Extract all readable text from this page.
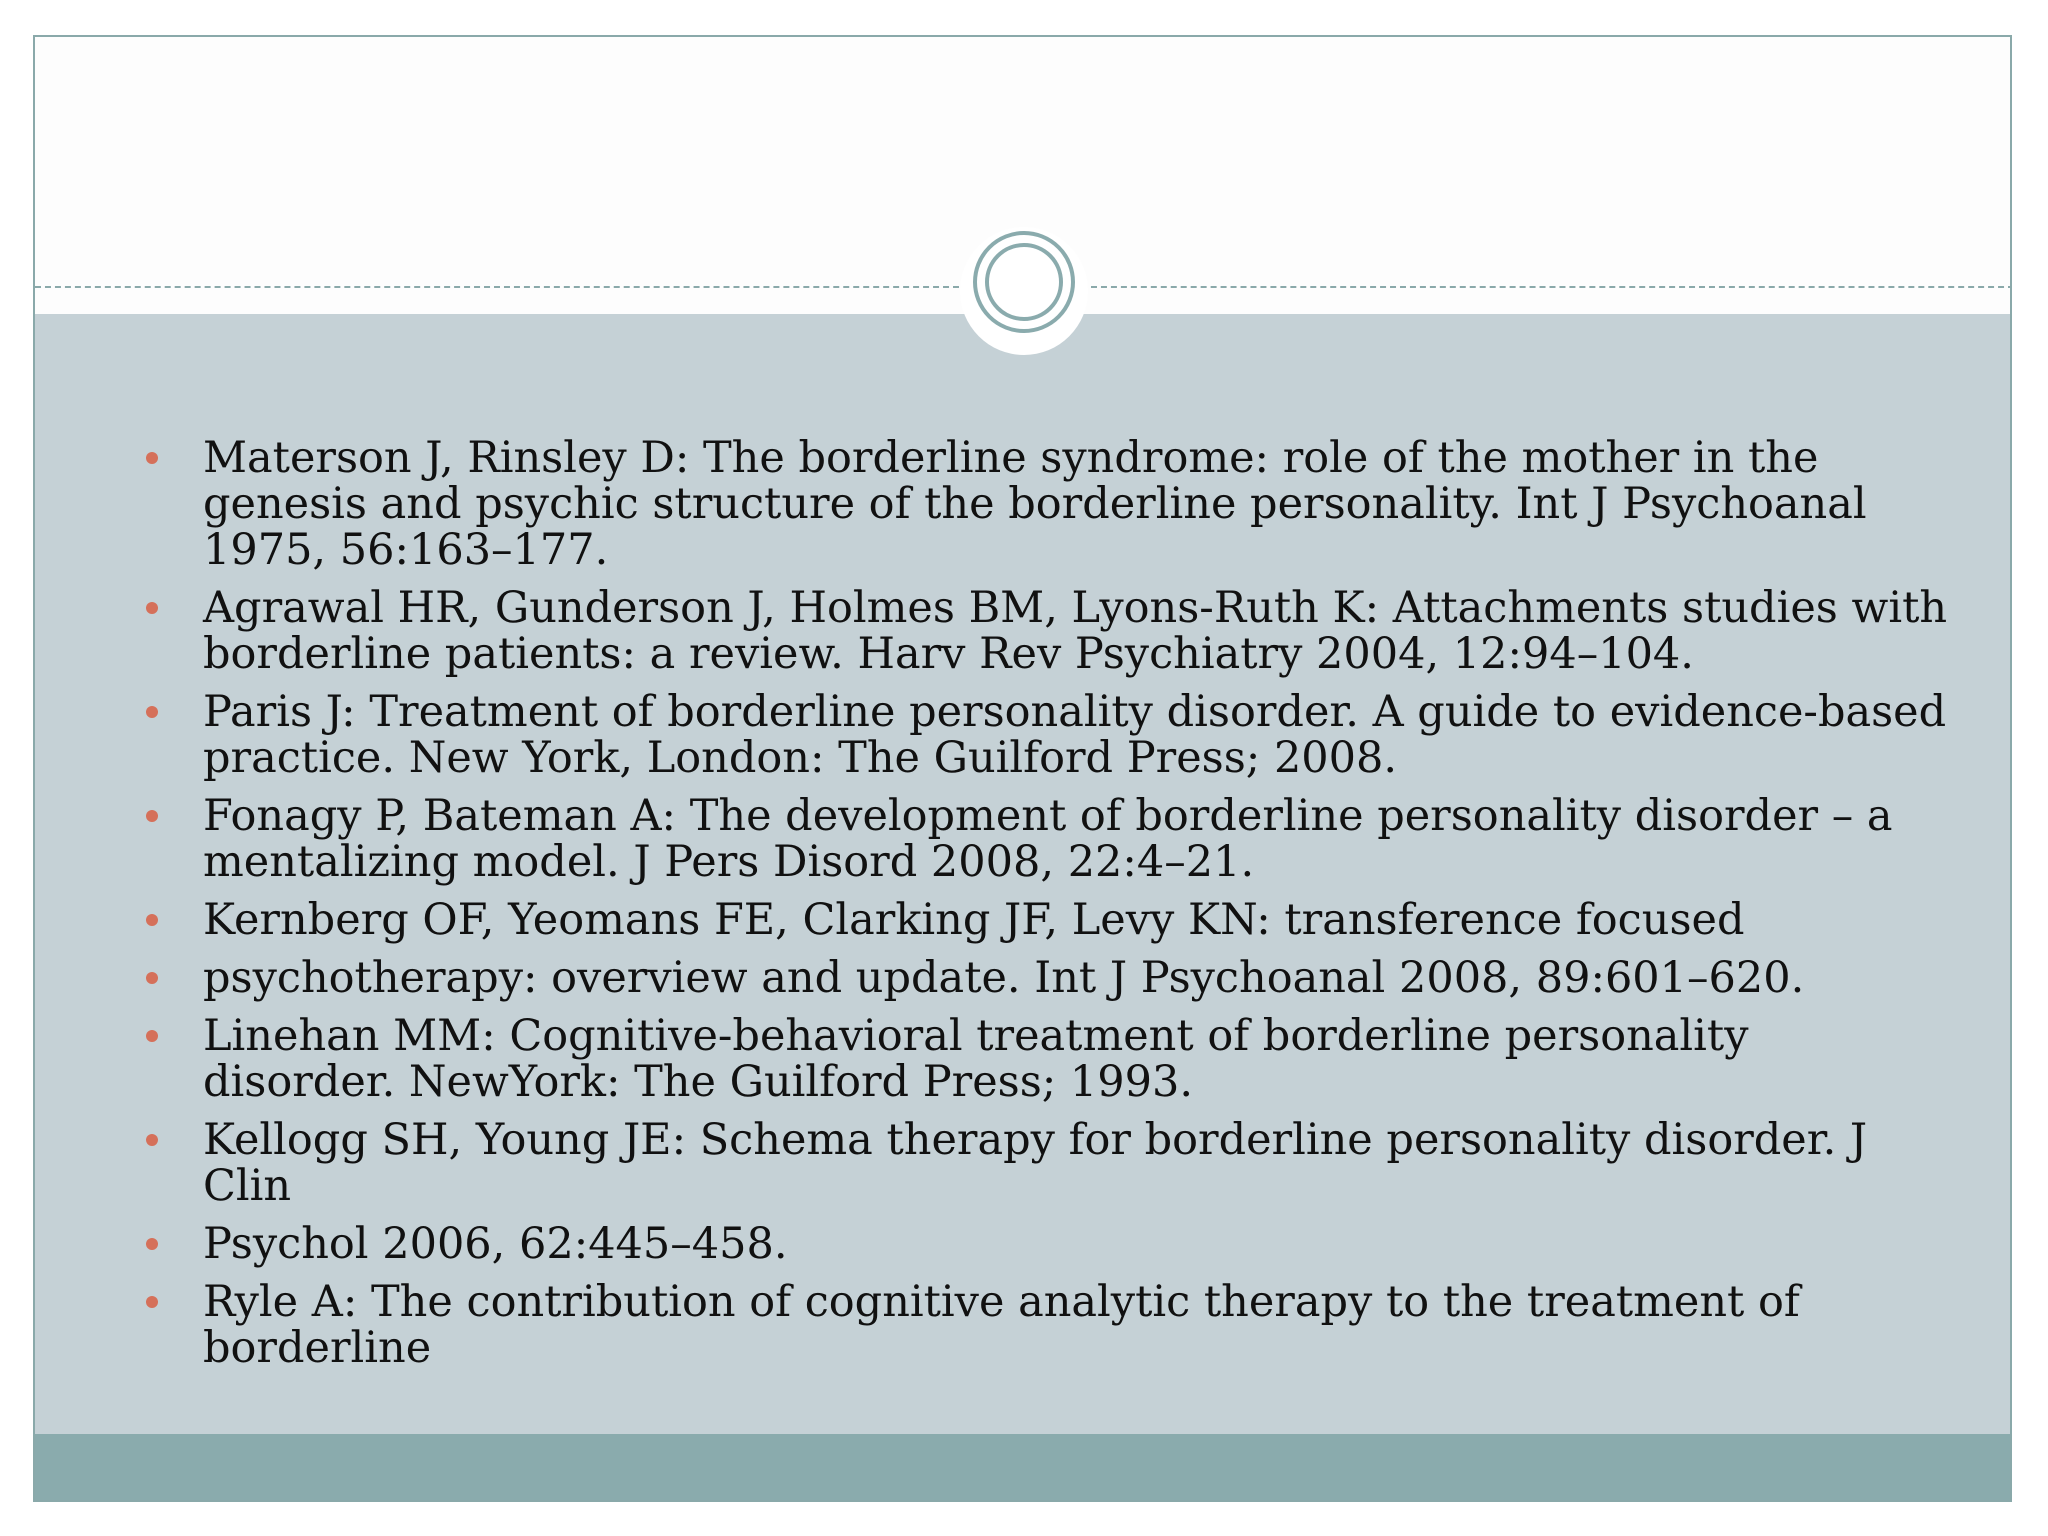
Materson J, Rinsley D: The borderline syndrome: role of the mother in the genesis and psychic structure of the borderline personality. Int J Psychoanal 1975, 56:163–177.
Agrawal HR, Gunderson J, Holmes BM, Lyons-Ruth K: Attachments studies with borderline patients: a review. Harv Rev Psychiatry 2004, 12:94–104.
Paris J: Treatment of borderline personality disorder. A guide to evidence-based practice. New York, London: The Guilford Press; 2008.
Fonagy P, Bateman A: The development of borderline personality disorder – a mentalizing model. J Pers Disord 2008, 22:4–21.
Kernberg OF, Yeomans FE, Clarking JF, Levy KN: transference focused
psychotherapy: overview and update. Int J Psychoanal 2008, 89:601–620.
Linehan MM: Cognitive-behavioral treatment of borderline personality disorder. NewYork: The Guilford Press; 1993.
Kellogg SH, Young JE: Schema therapy for borderline personality disorder. J Clin
Psychol 2006, 62:445–458.
Ryle A: The contribution of cognitive analytic therapy to the treatment of borderline
